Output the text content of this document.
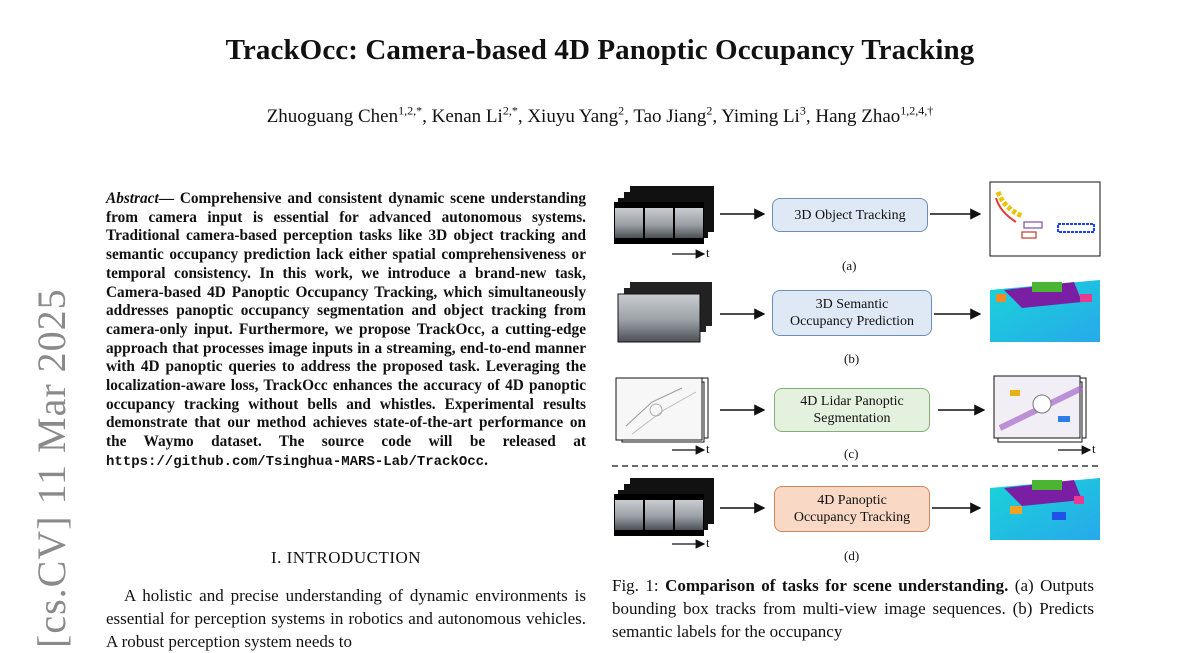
TrackOcc: Camera-based 4D Panoptic Occupancy Tracking
Zhuoguang Chen$^{1,2,*}$, Kenan $Li^{2,*}$, Xiuyu Yang$^2$, Tao Jiang$^2$, Yiming Li$^3$, Hang Zhao$^{1,2,4,\dagger}$
[cs.CV] 11 Mar 2025
Abstract— Comprehensive and consistent dynamic scene understanding from camera input is essential for advanced autonomous systems. Traditional camera-based perception tasks like 3D object tracking and semantic occupancy prediction lack either spatial comprehensiveness or temporal consistency. In this work, we introduce a brand-new task, Camera-based 4D Panoptic Occupancy Tracking, which simultaneously addresses panoptic occupancy segmentation and object tracking from camera-only input. Furthermore, we propose TrackOcc, a cutting-edge approach that processes image inputs in a streaming, end-to-end manner with 4D panoptic queries to address the proposed task. Leveraging the localization-aware loss, TrackOcc enhances the accuracy of 4D panoptic occupancy tracking without bells and whistles. Experimental results demonstrate that our method achieves state-of-the-art performance on the Waymo dataset. The source code will be released at https://github.com/Tsinghua-MARS-Lab/TrackOcc.
I. INTRODUCTION
A holistic and precise understanding of dynamic environments is essential for perception systems in robotics and autonomous vehicles. A robust perception system needs to
3D Object Tracking
(a)
t
3D Semantic
Occupancy Prediction
(b)
4D Lidar Panoptic
Segmentation
(c)
t	t
4D Panoptic
Occupancy Tracking
(d)
t
Fig. 1: Comparison of tasks for scene understanding. (a) Outputs bounding box tracks from multi-view image sequences. (b) Predicts semantic labels for the occupancy
